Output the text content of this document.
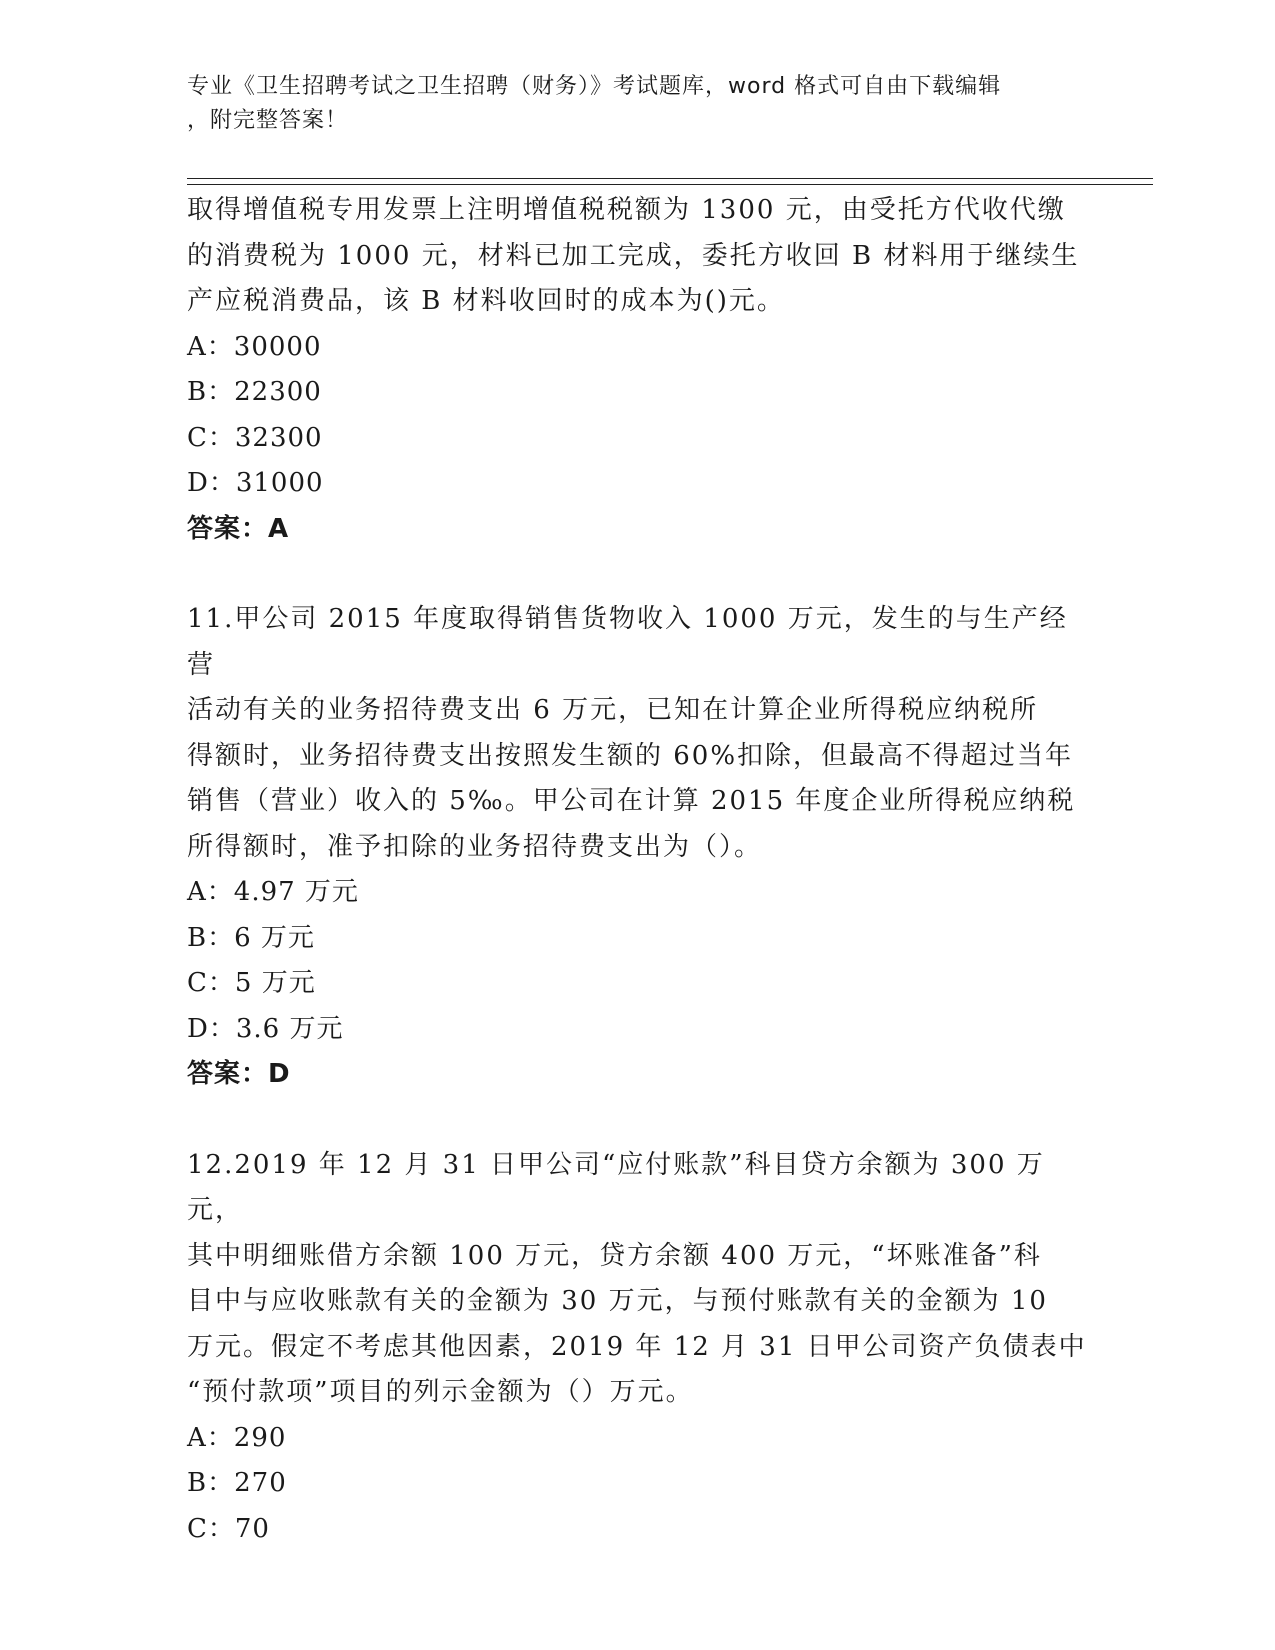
专业《卫生招聘考试之卫生招聘（财务）》考试题库，word 格式可自由下载编辑
，附完整答案！

取得增值税专用发票上注明增值税税额为 1300 元，由受托方代收代缴
的消费税为 1000 元，材料已加工完成，委托方收回 B 材料用于继续生
产应税消费品，该 B 材料收回时的成本为()元。

A：30000
B：22300
C：32300
D：31000
答案：A

11.甲公司 2015 年度取得销售货物收入 1000 万元，发生的与生产经营
活动有关的业务招待费支出 6 万元，已知在计算企业所得税应纳税所
得额时，业务招待费支出按照发生额的 60%扣除，但最高不得超过当年
销售（营业）收入的 5‰。甲公司在计算 2015 年度企业所得税应纳税
所得额时，准予扣除的业务招待费支出为（）。

A：4.97 万元
B：6 万元
C：5 万元
D：3.6 万元
答案：D

12.2019 年 12 月 31 日甲公司“应付账款”科目贷方余额为 300 万元，
其中明细账借方余额 100 万元，贷方余额 400 万元，“坏账准备”科
目中与应收账款有关的金额为 30 万元，与预付账款有关的金额为 10
万元。假定不考虑其他因素，2019 年 12 月 31 日甲公司资产负债表中
“预付款项”项目的列示金额为（）万元。

A：290
B：270
C：70
